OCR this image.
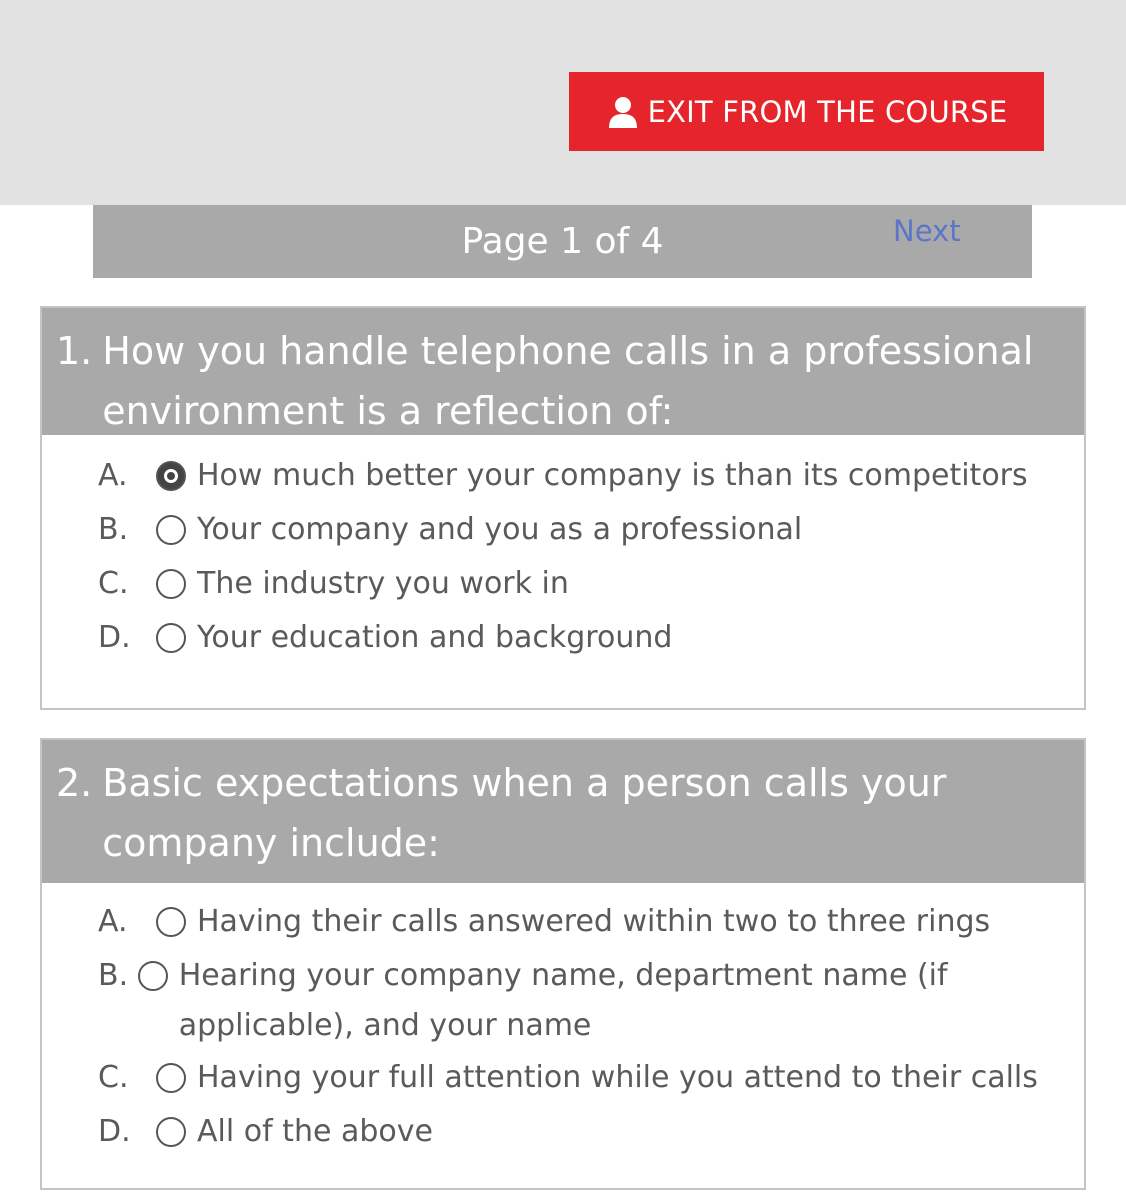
EXIT FROM THE COURSE
Page 1 of 4	Next
1. How you handle telephone calls in a professional environment is a reflection of:
A.	How much better your company is than its competitors
B.	Your company and you as a professional
C.	The industry you work in
D.	Your education and background
2. Basic expectations when a person calls your company include:
A.	Having their calls answered within two to three rings
B.	Hearing your company name, department name (if applicable), and your name
C.	Having your full attention while you attend to their calls
D.	All of the above
